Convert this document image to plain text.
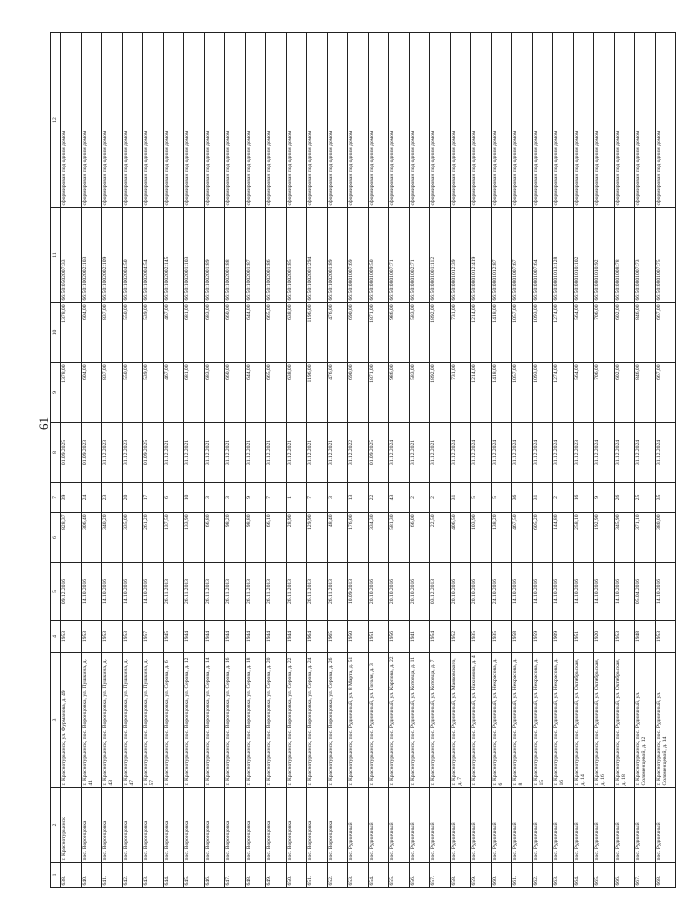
61
1	2	3	4	5	6	7	8	9	10	11	12
638.	г. Краснотурьинск	г. Краснотурьинск, ул. Фурманова, д. 49	1953	09.12.2016	828,37	39	01.09.2025	1378,00	1378,00	66:50:0502007:33	сформирован под одним домом
640.	пос. Воронцовка	г. Краснотурьинск, пос. Воронцовка, ул. Пушкина, д. 41	1953	14.10.2016	306,40	24	01.09.2023	604,00	604,00	66:50:1002002:103	сформирован под одним домом
641.	пос. Воронцовка	г. Краснотурьинск, пос. Воронцовка, ул. Пушкина, д. 43	1953	14.10.2016	340,20	23	31.12.2023	837,00	837,00	66:50:1002002:109	сформирован под одним домом
642.	пос. Воронцовка	г. Краснотурьинск, пос. Воронцовка, ул. Пушкина, д. 47	1953	14.10.2016	335,00	20	31.12.2023	550,00	550,00	66:50:1002004:50	сформирован под одним домом
643.	пос. Воронцовка	г. Краснотурьинск, пос. Воронцовка, ул. Пушкина, д. 57	1957	14.10.2016	261,20	17	01.09.2025	539,00	539,00	66:50:1002004:54	сформирован под одним домом
644.	пос. Воронцовка	г. Краснотурьинск, пос. Воронцовка, ул. Серова, д. 6	1945	26.11.2013	137,50	6	31.12.2021	467,00	467,00	66:50:1002002:145	сформирован под одним домом
645.	пос. Воронцовка	г. Краснотурьинск, пос. Воронцовка, ул. Серова, д. 12	1944	26.11.2013	133,90	10	31.12.2021	681,00	681,00	66:50:1002001:103	сформирован под одним домом
646.	пос. Воронцовка	г. Краснотурьинск, пос. Воронцовка, ул. Серова, д. 14	1944	26.11.2013	66,80	3	31.12.2021	683,00	683,00	66:50:1002001:89	сформирован под одним домом
647.	пос. Воронцовка	г. Краснотурьинск, пос. Воронцовка, ул. Серова, д. 16	1944	26.11.2013	98,20	3	31.12.2021	660,00	660,00	66:50:1002001:88	сформирован под одним домом
648.	пос. Воронцовка	г. Краснотурьинск, пос. Воронцовка, ул. Серова, д. 18	1944	26.11.2013	98,80	9	31.12.2021	644,00	644,00	66:50:1002001:87	сформирован под одним домом
649.	пос. Воронцовка	г. Краснотурьинск, пос. Воронцовка, ул. Серова, д. 20	1944	26.11.2013	66,10	7	31.12.2021	665,00	665,00	66:50:1002001:86	сформирован под одним домом
650.	пос. Воронцовка	г. Краснотурьинск, пос. Воронцовка, ул. Серова, д. 22	1944	26.11.2013	28,90	1	31.12.2021	638,00	638,00	66:50:1002001:85	сформирован под одним домом
651.	пос. Воронцовка	г. Краснотурьинск, пос. Воронцовка, ул. Серова, д. 24	1964	26.11.2013	129,90	7	31.12.2021	1196,00	1196,00	66:50:1002001:294	сформирован под одним домом
652.	пос. Воронцовка	г. Краснотурьинск, пос. Воронцовка, ул. Серова, д. 26	1965	26.11.2013	48,40	3	31.12.2021	476,00	476,00	66:50:1002001:89	сформирован под одним домом
653.	пос. Рудничный	г. Краснотурьинск, пос. Рудничный, ул. 8 Марта, д. 51	1950	10.09.2013	176,00	13	31.12.2022	690,00	690,00	66:50:0801007:69	сформирован под одним домом
654.	пос. Рудничный	г. Краснотурьинск, пос. Рудничный, ул. Гоголя, д. 3	1951	20.10.2016	334,30	22	01.09.2025	1871,00	1871,00	66:50:0801009:50	сформирован под одним домом
655.	пос. Рудничный	г. Краснотурьинск, пос. Рудничный, ул. Карпова, д. 22	1956	20.10.2016	581,30	43	31.12.2024	986,00	986,00	66:50:0801007:71	сформирован под одним домом
656.	пос. Рудничный	г. Краснотурьинск, пос. Рудничный, ул. Котовца, д. 11	1941	20.10.2016	66,00	2	31.12.2021	583,00	583,00	66:50:0801002:71	сформирован под одним домом
657.	пос. Рудничный	г. Краснотурьинск, пос. Рудничный, ул. Котовца, д. 7	1954	03.12.2013	22,50	2	31.12.2021	1892,00	1892,00	66:50:0801001:112	сформирован под одним домом
658.	пос. Рудничный	г. Краснотурьинск, пос. Рудничный, ул. Маяковского, д. 7	1952	20.10.2016	406,50	31	31.12.2024	731,00	731,00	66:50:0801012:39	сформирован под одним домом
659.	пос. Рудничный	г. Краснотурьинск, пос. Рудничный, ул. Нахимова, д. 4	1935	20.10.2016	103,90	5	31.12.2024	1214,00	1214,00	66:50:0801012:419	сформирован под одним домом
660.	пос. Рудничный	г. Краснотурьинск, пос. Рудничный, ул. Некрасова, д. 6	1935	24.10.2016	138,20	5	31.12.2024	1418,00	1418,00	66:50:0801012:87	сформирован под одним домом
661.	пос. Рудничный	г. Краснотурьинск, пос. Рудничный, ул. Некрасова, д. 8	1958	14.10.2016	467,50	36	31.12.2024	1057,00	1057,00	66:50:0801007:67	сформирован под одним домом
662.	пос. Рудничный	г. Краснотурьинск, пос. Рудничный, ул. Некрасова, д. 15	1959	14.10.2016	605,20	31	31.12.2024	1093,00	1093,00	66:50:0801007:64	сформирован под одним домом
663.	пос. Рудничный	г. Краснотурьинск, пос. Рудничный, ул. Некрасова, д. 16	1909	14.10.2016	144,80	2	31.12.2024	1274,00	1274,00	66:50:0801013:128	сформирован под одним домом
664.	пос. Рудничный	г. Краснотурьинск, пос. Рудничный, ул. Октябрьская, д. 14	1951	14.10.2016	258,10	16	31.12.2023	564,00	564,00	66:50:0801010:102	сформирован под одним домом
665.	пос. Рудничный	г. Краснотурьинск, пос. Рудничный, ул. Октябрьская, д. 16	1920	14.10.2016	192,90	9	31.12.2024	706,00	706,00	66:50:0801010:92	сформирован под одним домом
666.	пос. Рудничный	г. Краснотурьинск, пос. Рудничный, ул. Октябрьская, д. 18	1953	14.10.2016	345,90	26	31.12.2024	602,00	602,00	66:50:0801008:78	сформирован под одним домом
667.	пос. Рудничный	г. Краснотурьинск, пос. Рудничный, ул. Соломенцевой, д. 12	1948	05.04.2016	371,10	25	31.12.2024	846,00	846,00	66:50:0801007:73	сформирован под одним домом
668.	пос. Рудничный	г. Краснотурьинск, пос. Рудничный, ул. Соломенцевой, д. 14	1953	14.10.2016	380,00	35	31.12.2024	667,00	667,00	66:50:0801007:75	сформирован под одним домом
